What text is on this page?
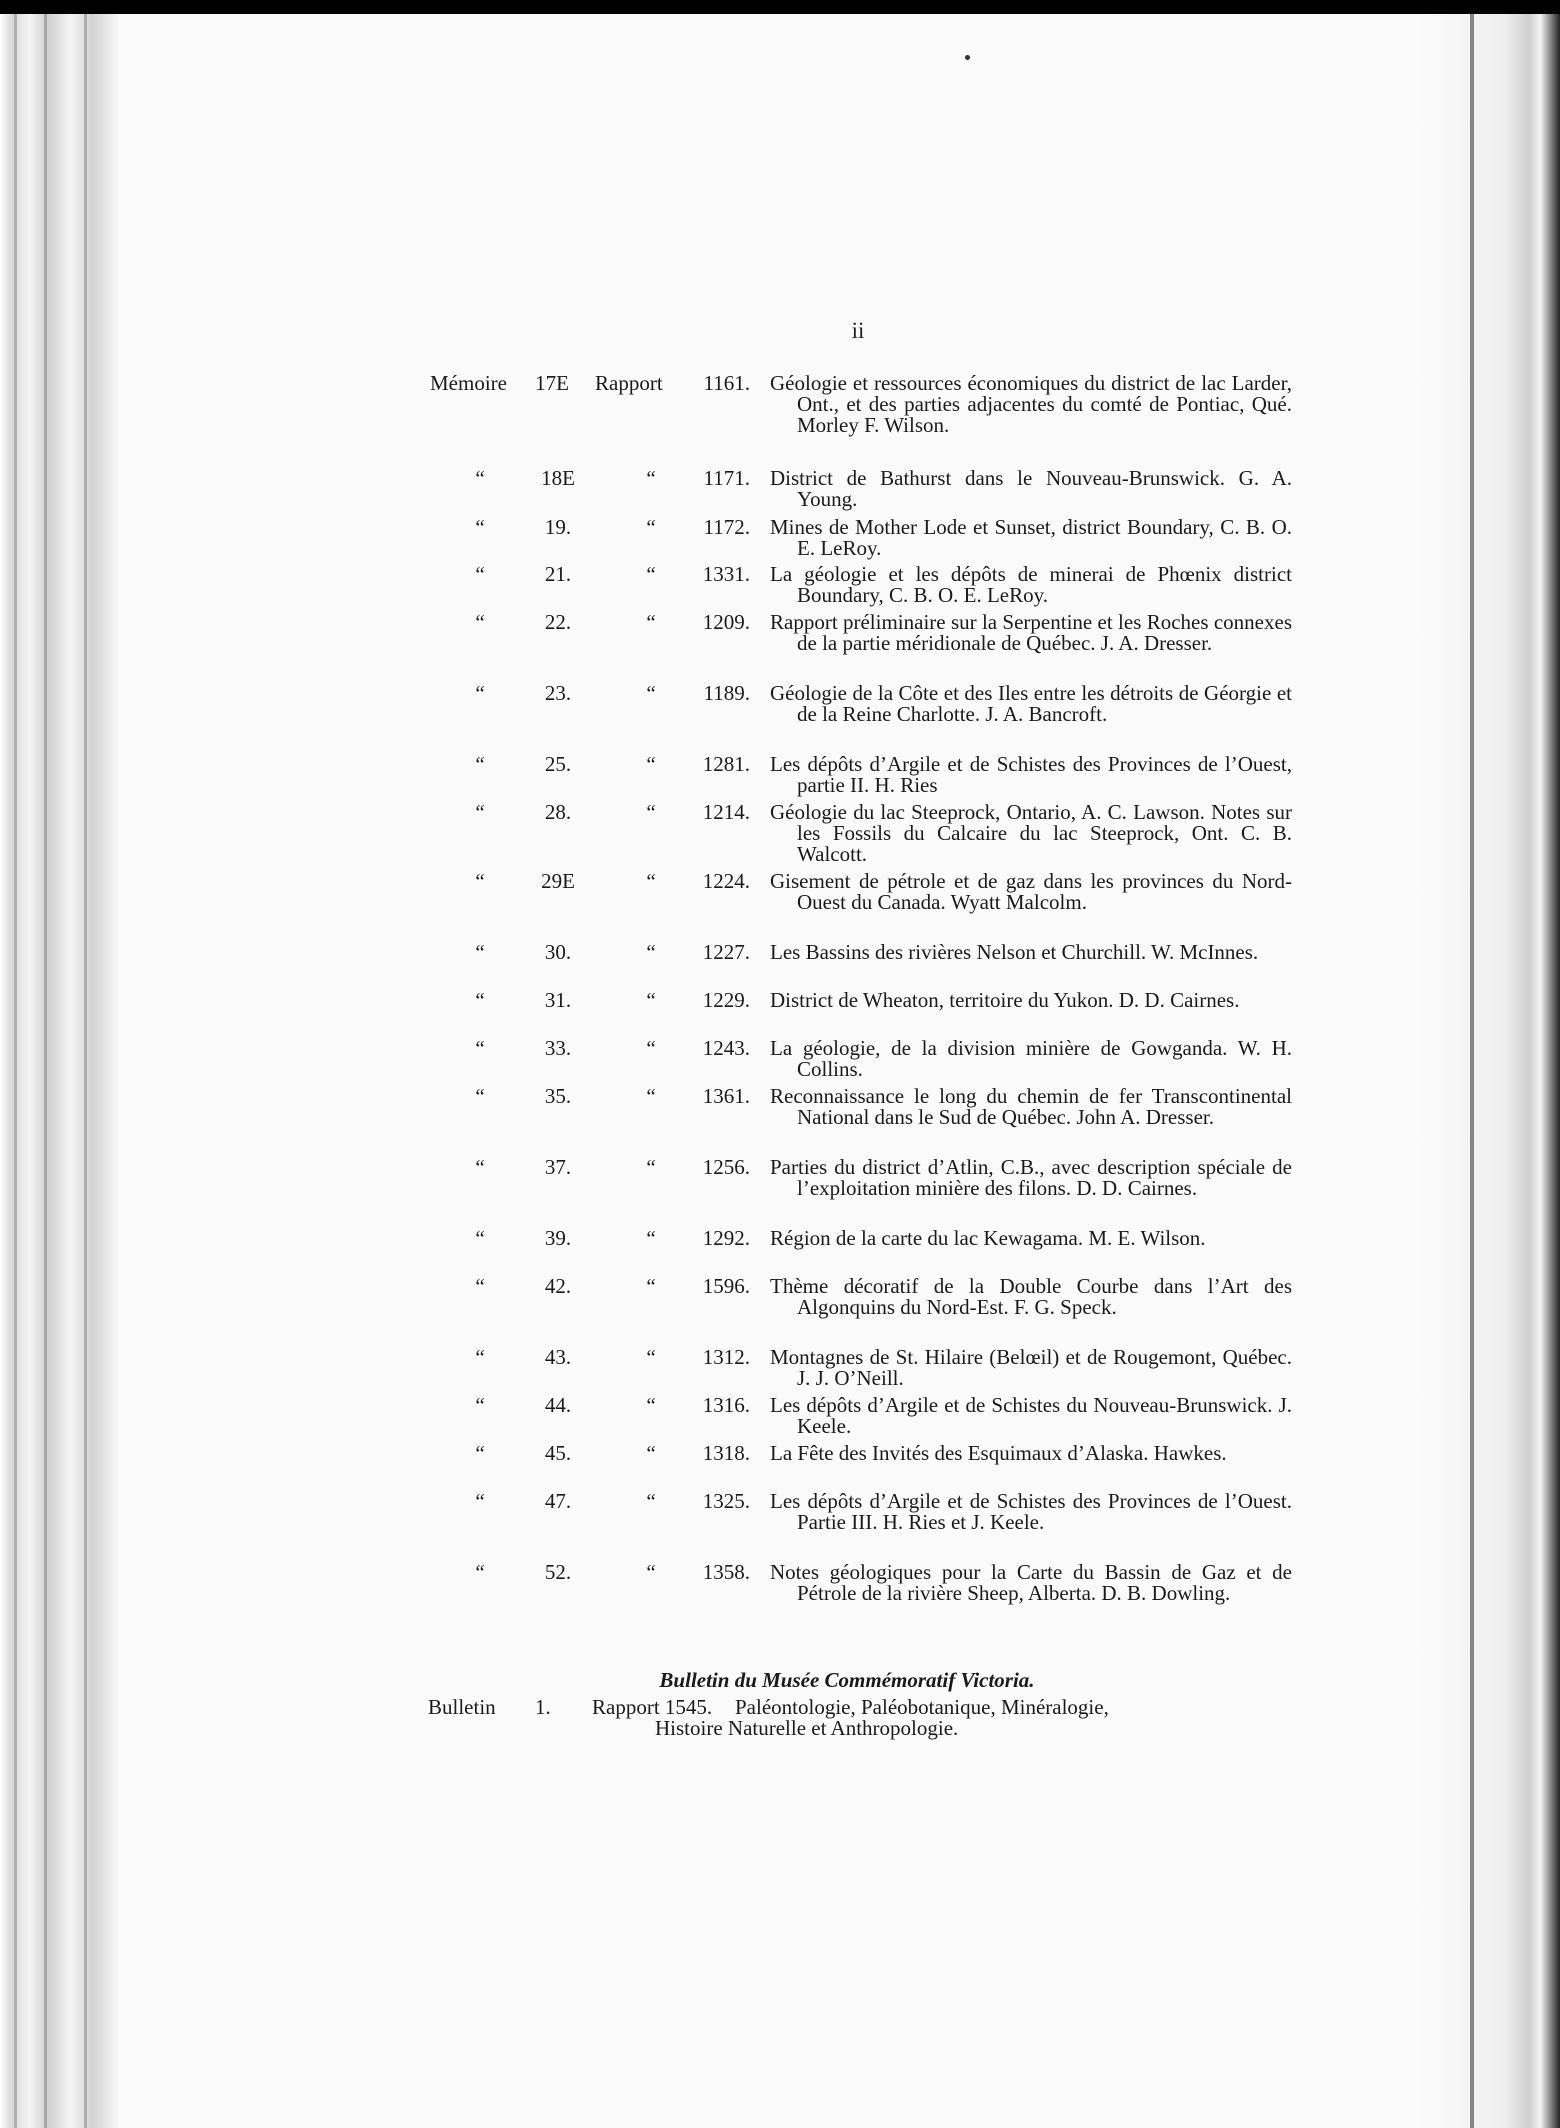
ii
Mémoire	17E Rapport	1161. Géologie et ressources économiques du district de lac Larder, Ont., et des parties adjacentes du comté de Pontiac, Qué. Morley F. Wilson.
“	18E	“	1171. District de Bathurst dans le Nouveau-Brunswick. G. A. Young.
“	19.	“	1172. Mines de Mother Lode et Sunset, district Boundary, C. B. O. E. LeRoy.
“	21.	“	1331. La géologie et les dépôts de minerai de Phœnix district Boundary, C. B. O. E. LeRoy.
“	22.	“	1209. Rapport préliminaire sur la Serpentine et les Roches connexes de la partie méridionale de Québec. J. A. Dresser.
“	23.	“	1189. Géologie de la Côte et des Iles entre les détroits de Géorgie et de la Reine Charlotte. J. A. Bancroft.
“	25.	“	1281. Les dépôts d’Argile et de Schistes des Provinces de l’Ouest, partie II. H. Ries
“	28.	“	1214. Géologie du lac Steeprock, Ontario, A. C. Lawson. Notes sur les Fossils du Calcaire du lac Steeprock, Ont. C. B. Walcott.
“	29E	“	1224. Gisement de pétrole et de gaz dans les provinces du Nord-Ouest du Canada. Wyatt Malcolm.
“	30.	“	1227. Les Bassins des rivières Nelson et Churchill. W. McInnes.
“	31.	“	1229. District de Wheaton, territoire du Yukon. D. D. Cairnes.
“	33.	“	1243. La géologie, de la division minière de Gowganda. W. H. Collins.
“	35.	“	1361. Reconnaissance le long du chemin de fer Transcontinental National dans le Sud de Québec. John A. Dresser.
“	37.	“	1256. Parties du district d’Atlin, C.B., avec description spéciale de l’exploitation minière des filons. D. D. Cairnes.
“	39.	“	1292. Région de la carte du lac Kewagama. M. E. Wilson.
“	42.	“	1596. Thème décoratif de la Double Courbe dans l’Art des Algonquins du Nord-Est. F. G. Speck.
“	43.	“	1312. Montagnes de St. Hilaire (Belœil) et de Rougemont, Québec. J. J. O’Neill.
“	44.	“	1316. Les dépôts d’Argile et de Schistes du Nouveau-Brunswick. J. Keele.
“	45.	“	1318. La Fête des Invités des Esquimaux d’Alaska. Hawkes.
“	47.	“	1325. Les dépôts d’Argile et de Schistes des Provinces de l’Ouest. Partie III. H. Ries et J. Keele.
“	52.	“	1358. Notes géologiques pour la Carte du Bassin de Gaz et de Pétrole de la rivière Sheep, Alberta. D. B. Dowling.
Bulletin du Musée Commémoratif Victoria.
Bulletin 1. Rapport 1545. Paléontologie, Paléobotanique, Minéralogie,
Histoire Naturelle et Anthropologie.
